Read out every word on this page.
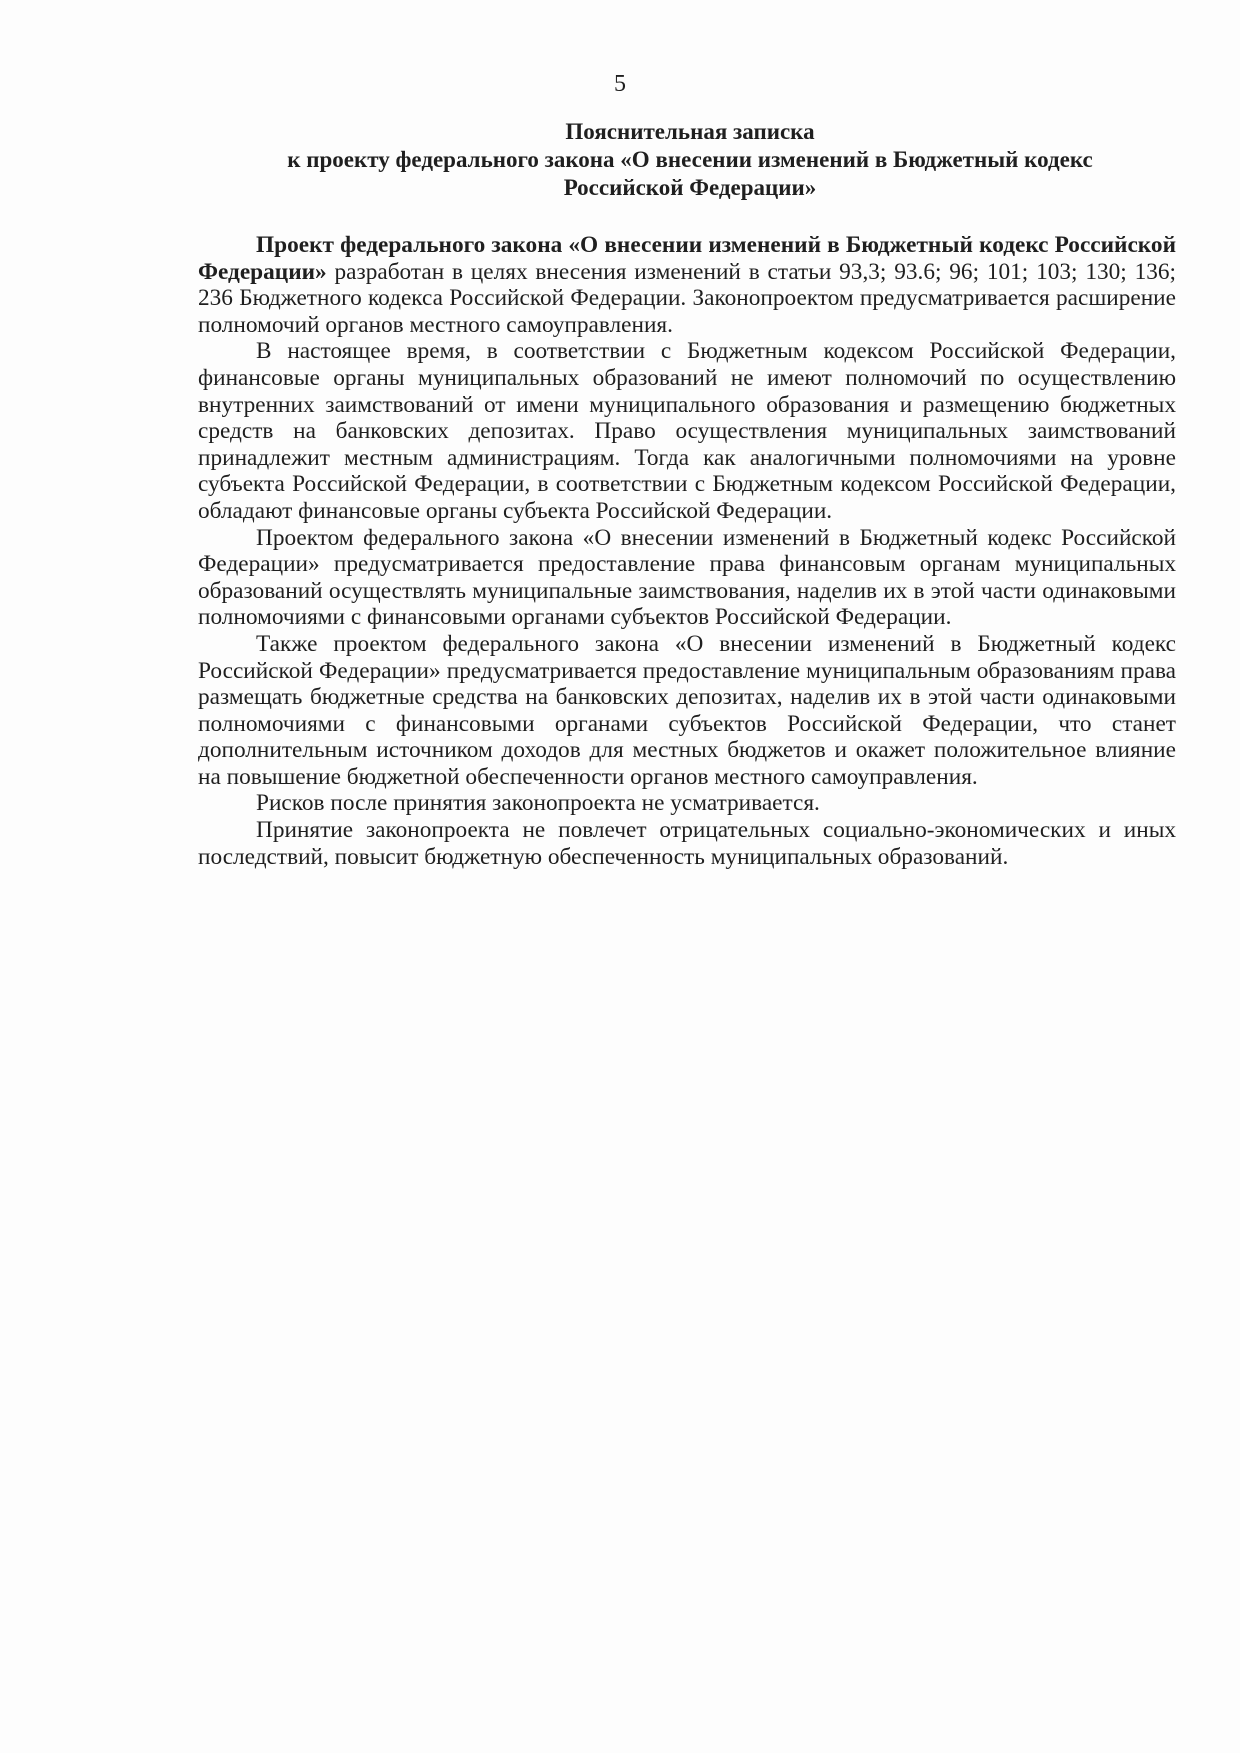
5
Пояснительная записка
к проекту федерального закона «О внесении изменений в Бюджетный кодекс
Российской Федерации»

Проект федерального закона «О внесении изменений в Бюджетный кодекс Российской Федерации» разработан в целях внесения изменений в статьи 93,3; 93.6; 96; 101; 103; 130; 136; 236 Бюджетного кодекса Российской Федерации. Законопроектом предусматривается расширение полномочий органов местного самоуправления.

В настоящее время, в соответствии с Бюджетным кодексом Российской Федерации, финансовые органы муниципальных образований не имеют полномочий по осуществлению внутренних заимствований от имени муниципального образования и размещению бюджетных средств на банковских депозитах. Право осуществления муниципальных заимствований принадлежит местным администрациям. Тогда как аналогичными полномочиями на уровне субъекта Российской Федерации, в соответствии с Бюджетным кодексом Российской Федерации, обладают финансовые органы субъекта Российской Федерации.

Проектом федерального закона «О внесении изменений в Бюджетный кодекс Российской Федерации» предусматривается предоставление права финансовым органам муниципальных образований осуществлять муниципальные заимствования, наделив их в этой части одинаковыми полномочиями с финансовыми органами субъектов Российской Федерации.

Также проектом федерального закона «О внесении изменений в Бюджетный кодекс Российской Федерации» предусматривается предоставление муниципальным образованиям права размещать бюджетные средства на банковских депозитах, наделив их в этой части одинаковыми полномочиями с финансовыми органами субъектов Российской Федерации, что станет дополнительным источником доходов для местных бюджетов и окажет положительное влияние на повышение бюджетной обеспеченности органов местного самоуправления.

Рисков после принятия законопроекта не усматривается.

Принятие законопроекта не повлечет отрицательных социально-экономических и иных последствий, повысит бюджетную обеспеченность муниципальных образований.
